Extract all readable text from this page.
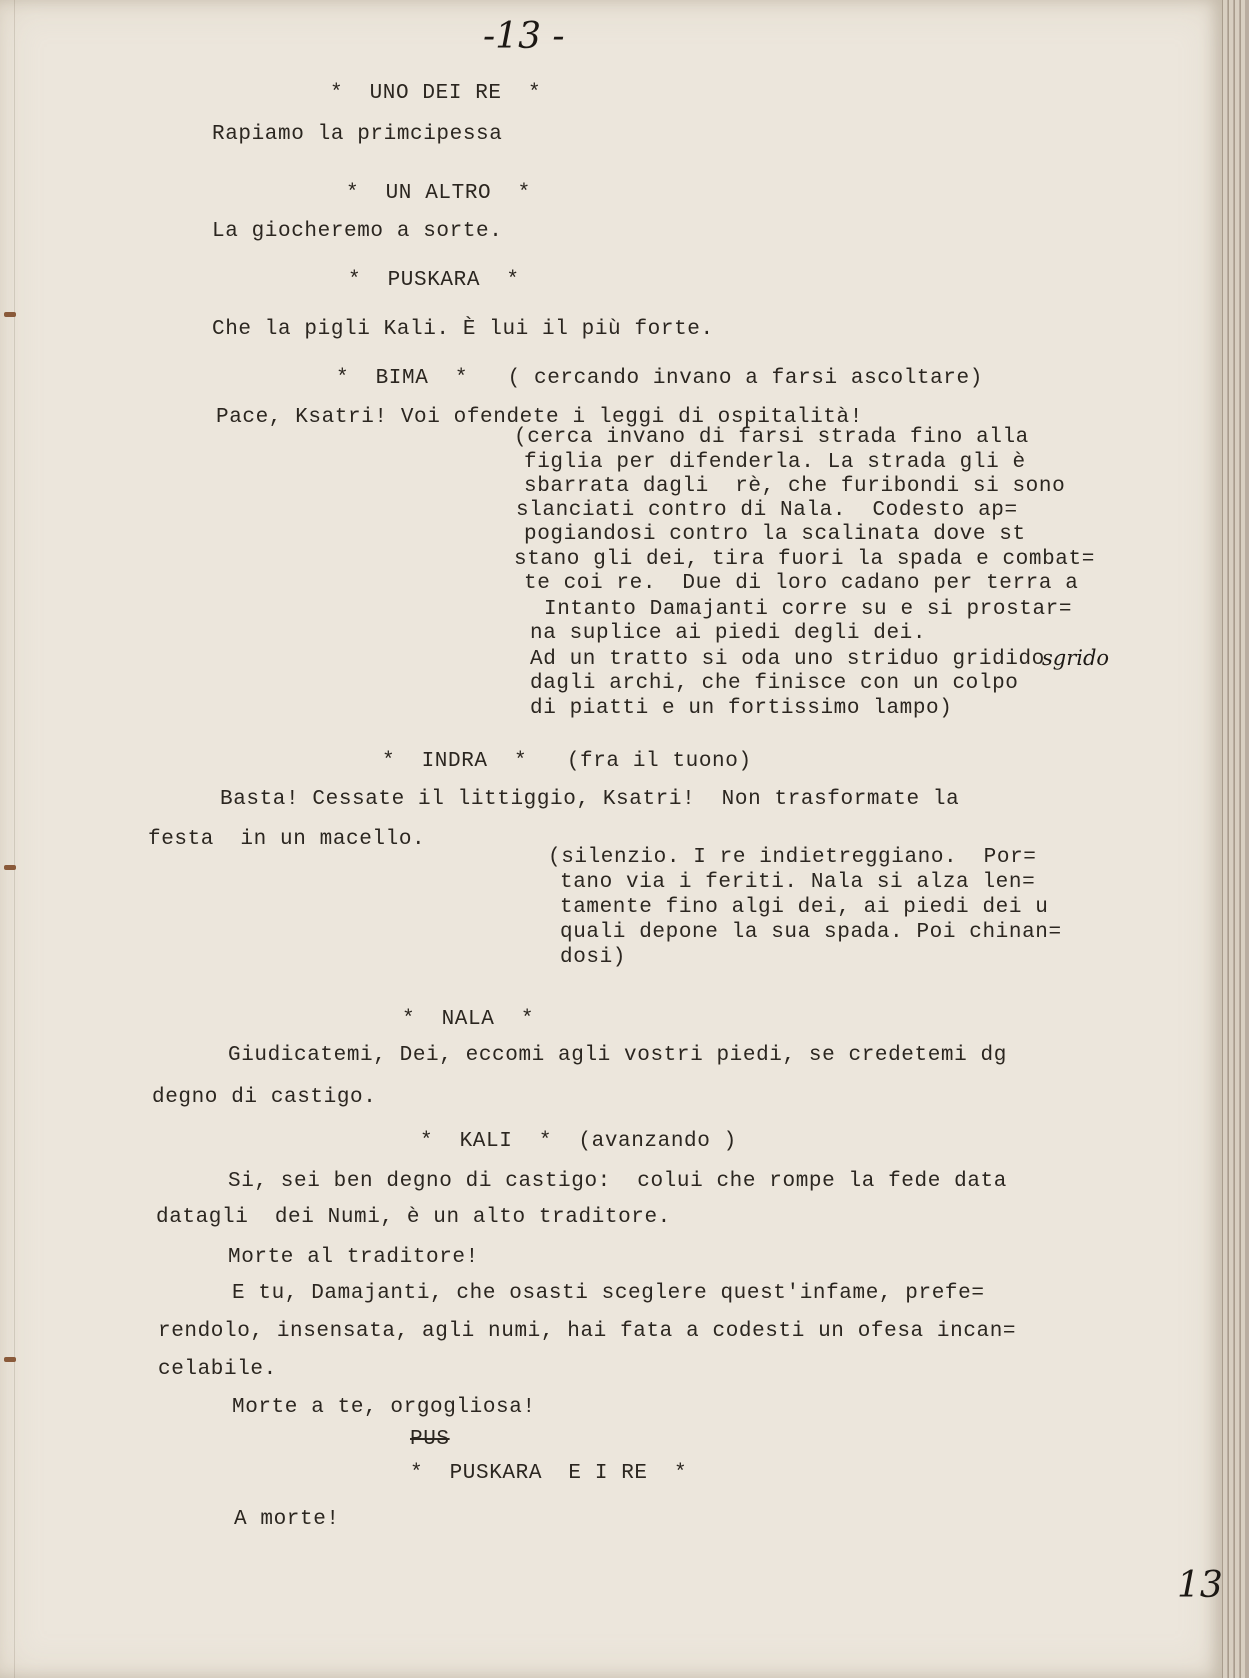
-13 -
*  UNO DEI RE  *
Rapiamo la primcipessa
*  UN ALTRO  *
La giocheremo a sorte.
*  PUSKARA  *
Che la pigli Kali. È lui il più forte.
*  BIMA  *   ( cercando invano a farsi ascoltare)
Pace, Ksatri! Voi ofendete i leggi di ospitalità!
(cerca invano di farsi strada fino alla
figlia per difenderla. La strada gli è
sbarrata dagli  rè, che furibondi si sono
slanciati contro di Nala.  Codesto ap=
pogiandosi contro la scalinata dove st
stano gli dei, tira fuori la spada e combat=
te coi re.  Due di loro cadano per terra a
Intanto Damajanti corre su e si prostar=
na suplice ai piedi degli dei.
Ad un tratto si oda uno striduo gridido
sgrido
dagli archi, che finisce con un colpo
di piatti e un fortissimo lampo)
*  INDRA  *   (fra il tuono)
Basta! Cessate il littiggio, Ksatri!  Non trasformate la
festa  in un macello.
(silenzio. I re indietreggiano.  Por=
tano via i feriti. Nala si alza len=
tamente fino algi dei, ai piedi dei u
quali depone la sua spada. Poi chinan=
dosi)
*  NALA  *
Giudicatemi, Dei, eccomi agli vostri piedi, se credetemi dg
degno di castigo.
*  KALI  *  (avanzando )
Si, sei ben degno di castigo:  colui che rompe la fede data
datagli  dei Numi, è un alto traditore.
Morte al traditore!
E tu, Damajanti, che osasti sceglere quest'infame, prefe=
rendolo, insensata, agli numi, hai fata a codesti un ofesa incan=
celabile.
Morte a te, orgogliosa!
PUS
*  PUSKARA  E I RE  *
A morte!
13
